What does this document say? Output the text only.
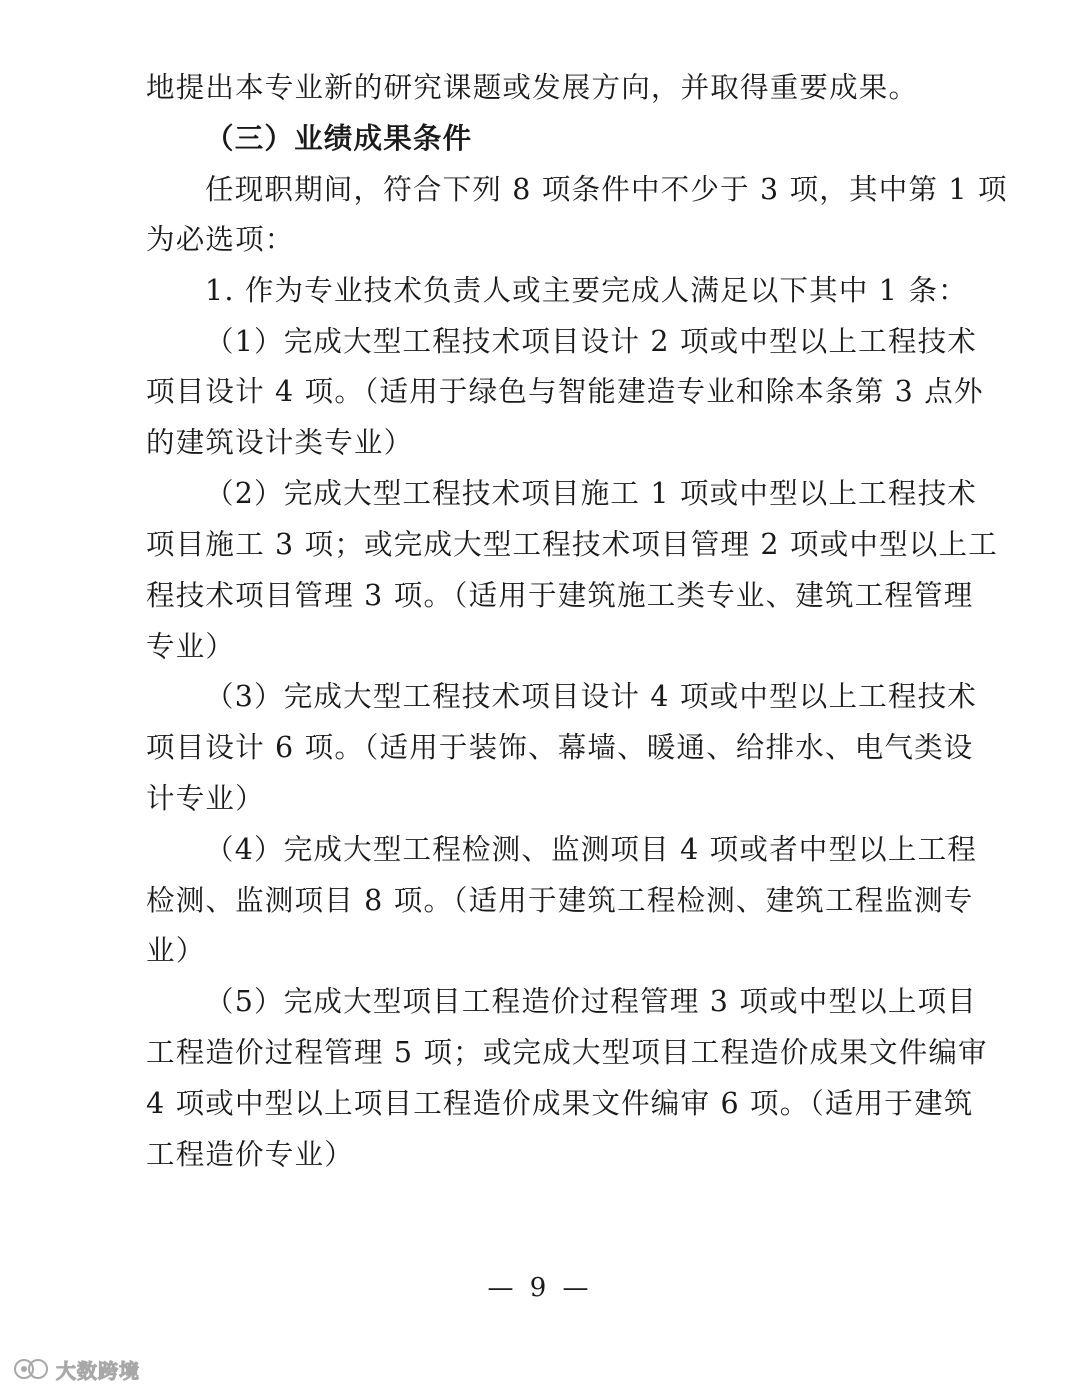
地提出本专业新的研究课题或发展方向，并取得重要成果。
（三）业绩成果条件
任现职期间，符合下列 8 项条件中不少于 3 项，其中第 1 项
为必选项：
1. 作为专业技术负责人或主要完成人满足以下其中 1 条：
（1）完成大型工程技术项目设计 2 项或中型以上工程技术
项目设计 4 项。（适用于绿色与智能建造专业和除本条第 3 点外
的建筑设计类专业）
（2）完成大型工程技术项目施工 1 项或中型以上工程技术
项目施工 3 项；或完成大型工程技术项目管理 2 项或中型以上工
程技术项目管理 3 项。（适用于建筑施工类专业、建筑工程管理
专业）
（3）完成大型工程技术项目设计 4 项或中型以上工程技术
项目设计 6 项。（适用于装饰、幕墙、暖通、给排水、电气类设
计专业）
（4）完成大型工程检测、监测项目 4 项或者中型以上工程
检测、监测项目 8 项。（适用于建筑工程检测、建筑工程监测专
业）
（5）完成大型项目工程造价过程管理 3 项或中型以上项目
工程造价过程管理 5 项；或完成大型项目工程造价成果文件编审
4 项或中型以上项目工程造价成果文件编审 6 项。（适用于建筑
工程造价专业）
— 9 —
大数跨境
